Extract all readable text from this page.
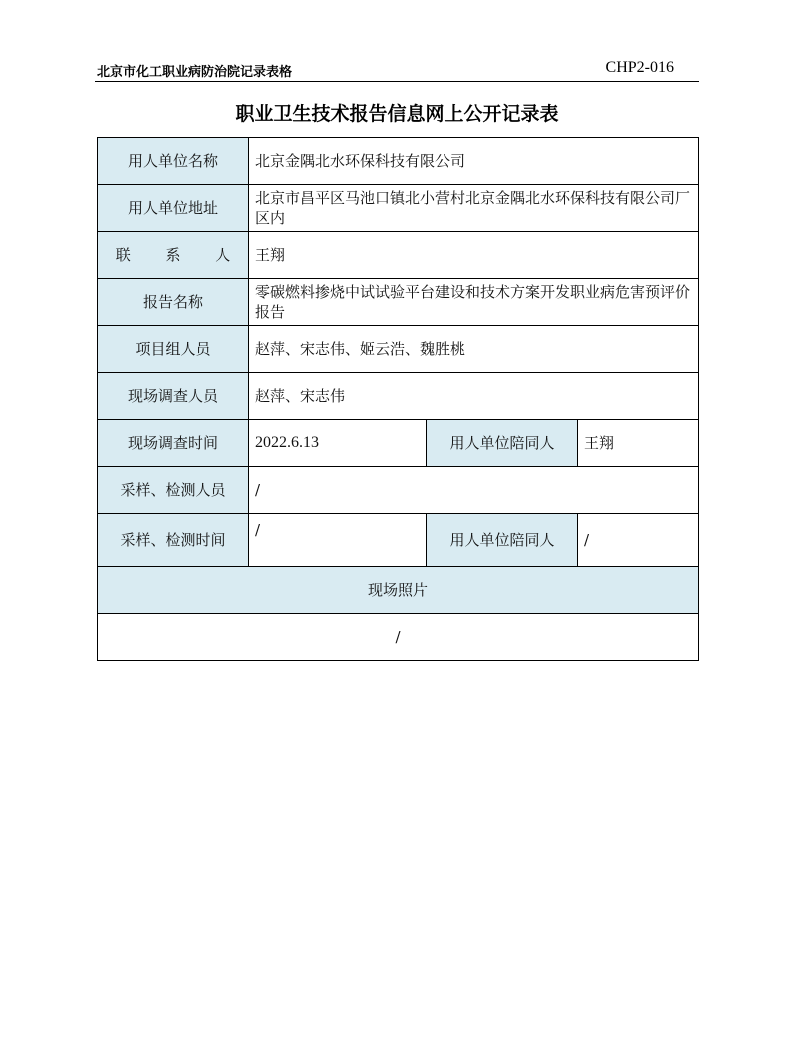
北京市化工职业病防治院记录表格	CHP2-016
职业卫生技术报告信息网上公开记录表
用人单位名称	北京金隅北水环保科技有限公司		
用人单位地址	北京市昌平区马池口镇北小营村北京金隅北水环保科技有限公司厂区内		
联 系 人	王翔		
报告名称	零碳燃料掺烧中试试验平台建设和技术方案开发职业病危害预评价报告		
项目组人员	赵萍、宋志伟、姬云浩、魏胜桃		
现场调查人员	赵萍、宋志伟		
现场调查时间	2022.6.13	用人单位陪同人	王翔
采样、检测人员	/		
采样、检测时间	/	用人单位陪同人	/
现场照片			
/			
